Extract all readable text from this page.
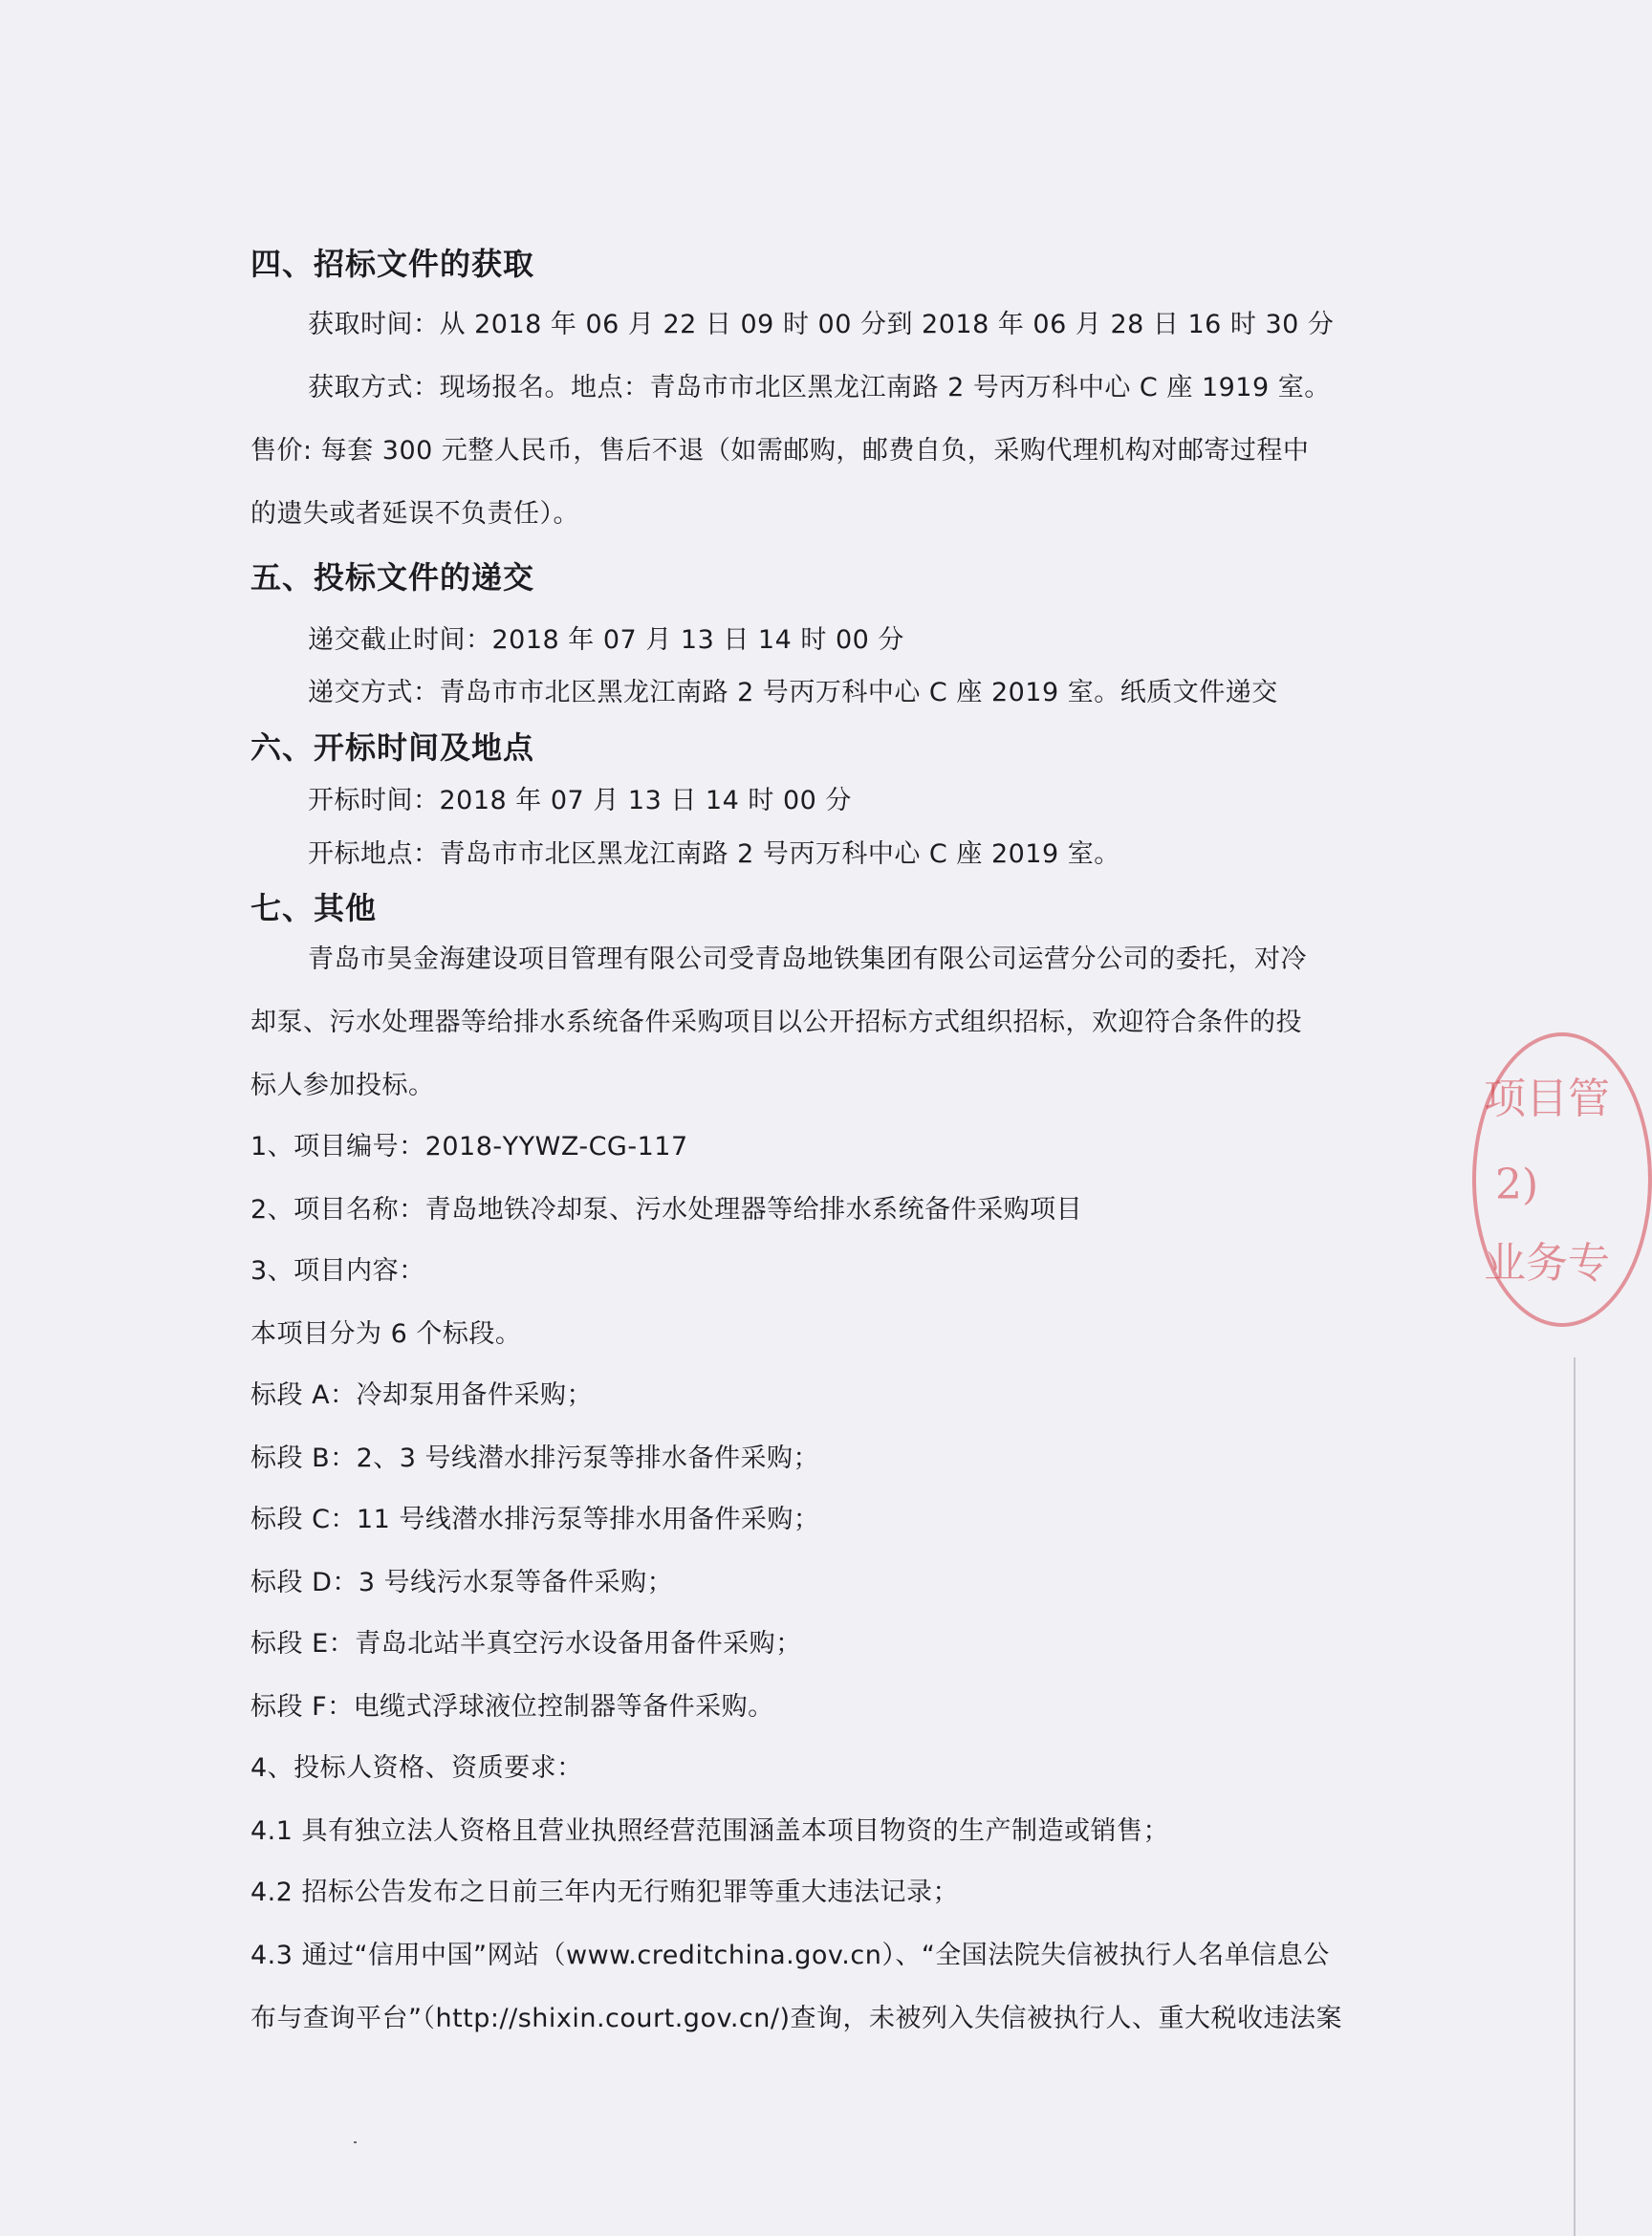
四、招标文件的获取
获取时间：从 2018 年 06 月 22 日 09 时 00 分到 2018 年 06 月 28 日 16 时 30 分
获取方式：现场报名。地点：青岛市市北区黑龙江南路 2 号丙万科中心 C 座 1919 室。
售价: 每套 300 元整人民币，售后不退（如需邮购，邮费自负，采购代理机构对邮寄过程中
的遗失或者延误不负责任）。
五、投标文件的递交
递交截止时间：2018 年 07 月 13 日 14 时 00 分
递交方式：青岛市市北区黑龙江南路 2 号丙万科中心 C 座 2019 室。纸质文件递交
六、开标时间及地点
开标时间：2018 年 07 月 13 日 14 时 00 分
开标地点：青岛市市北区黑龙江南路 2 号丙万科中心 C 座 2019 室。
七、其他
青岛市昊金海建设项目管理有限公司受青岛地铁集团有限公司运营分公司的委托，对冷
却泵、污水处理器等给排水系统备件采购项目以公开招标方式组织招标，欢迎符合条件的投
标人参加投标。
1、项目编号：2018-YYWZ-CG-117
2、项目名称：青岛地铁冷却泵、污水处理器等给排水系统备件采购项目
3、项目内容：
本项目分为 6 个标段。
标段 A：冷却泵用备件采购；
标段 B：2、3 号线潜水排污泵等排水备件采购；
标段 C：11 号线潜水排污泵等排水用备件采购；
标段 D：3 号线污水泵等备件采购；
标段 E：青岛北站半真空污水设备用备件采购；
标段 F：电缆式浮球液位控制器等备件采购。
4、投标人资格、资质要求：
4.1 具有独立法人资格且营业执照经营范围涵盖本项目物资的生产制造或销售；
4.2 招标公告发布之日前三年内无行贿犯罪等重大违法记录；
4.3 通过“信用中国”网站（www.creditchina.gov.cn）、“全国法院失信被执行人名单信息公
布与查询平台”（http://shixin.court.gov.cn/)查询，未被列入失信被执行人、重大税收违法案
项目管
2)
业务专
